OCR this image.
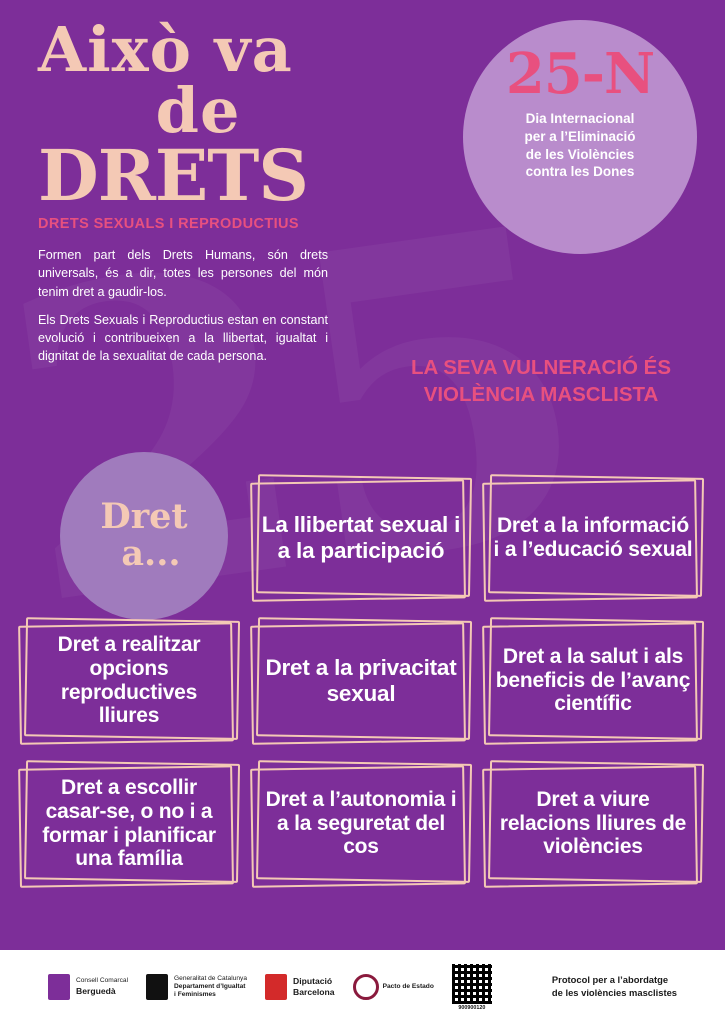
Això va
de
DRETS
DRETS SEXUALS I REPRODUCTIUS

Formen part dels Drets Humans, són drets universals, és a dir, totes les persones del món tenim dret a gaudir-los.

Els Drets Sexuals i Reproductius estan en constant evolució i contribueixen a la llibertat, igualtat i dignitat de la sexualitat de cada persona.

25-N
Dia Internacional
per a l’Eliminació
de les Violències
contra les Dones
LA SEVA VULNERACIÓ ÉS
VIOLÈNCIA MASCLISTA
Dret
a...
La llibertat sexual i a la participació
Dret a la informació i a l’educació sexual
Dret a realitzar opcions reproductives lliures
Dret a la privacitat sexual
Dret a la salut i als beneficis de l’avanç científic
Dret a escollir casar-se, o no i a formar i planificar una família
Dret a l’autonomia i a la seguretat del cos
Dret a viure relacions lliures de violències
Consell Comarcal
Berguedà
Generalitat de Catalunya
Departament d’Igualtat
i Feminismes
Diputació
Barcelona
Pacto de Estado
900900120
Protocol per a l’abordatge
de les violències masclistes
